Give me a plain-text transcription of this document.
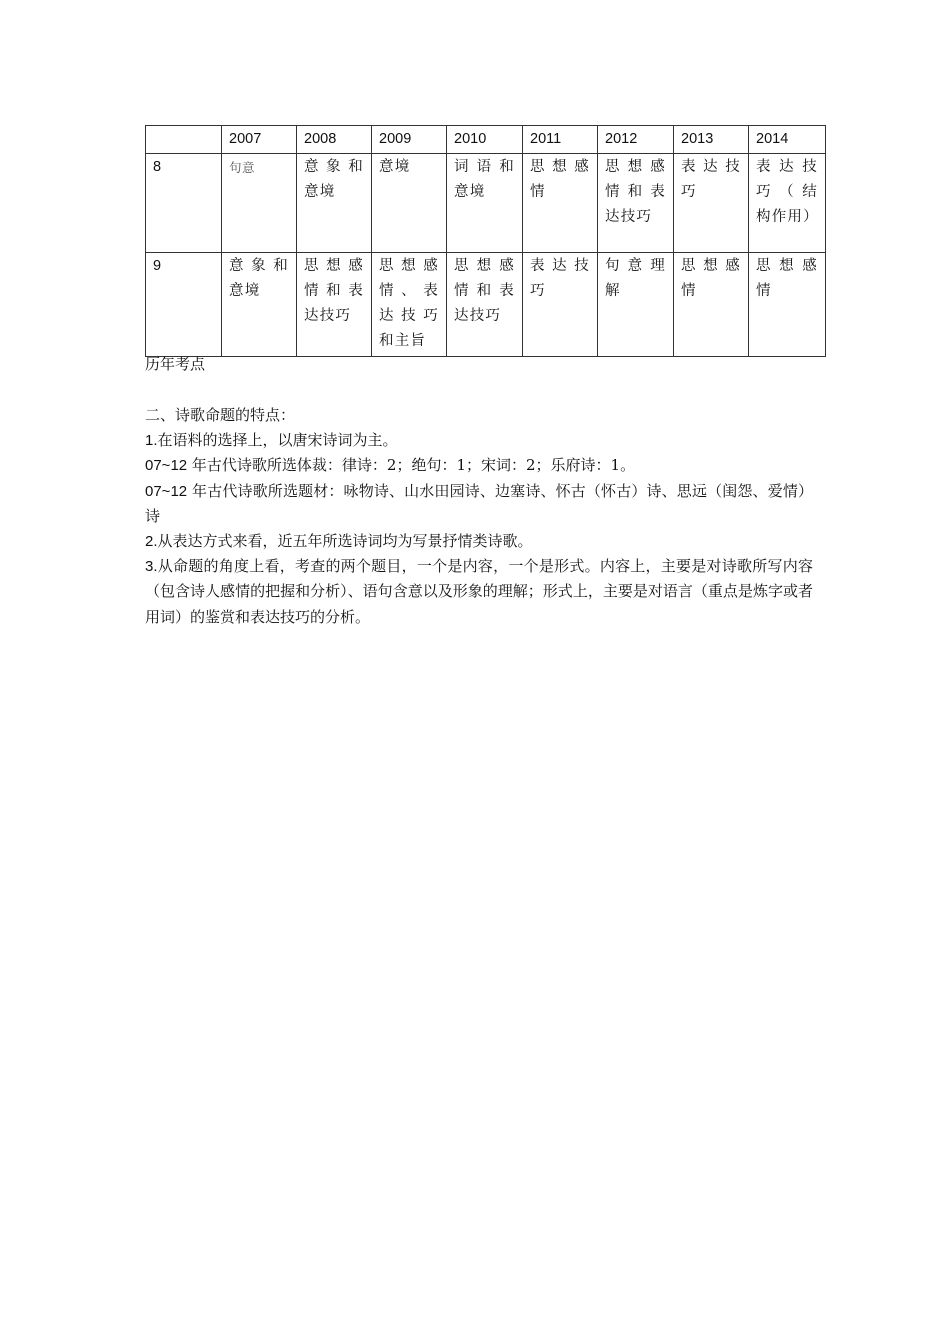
	2007	2008	2009	2010	2011	2012	2013	2014
8	句意	意象和意境	意境	词语和意境	思想感情	思想感情和表达技巧	表达技巧	表达技巧（结构作用）
9	意象和意境	思想感情和表达技巧	思想感情、表达技巧和主旨	思想感情和表达技巧	表达技巧	句意理解	思想感情	思想感情
历年考点

二、诗歌命题的特点：

1.在语料的选择上，以唐宋诗词为主。

07~12 年古代诗歌所选体裁：律诗：2；绝句：1；宋词：2；乐府诗：1。

07~12 年古代诗歌所选题材：咏物诗、山水田园诗、边塞诗、怀古（怀古）诗、思远（闺怨、爱情）诗

2.从表达方式来看，近五年所选诗词均为写景抒情类诗歌。

3.从命题的角度上看，考查的两个题目，一个是内容，一个是形式。内容上，主要是对诗歌所写内容（包含诗人感情的把握和分析）、语句含意以及形象的理解；形式上，主要是对语言（重点是炼字或者用词）的鉴赏和表达技巧的分析。
